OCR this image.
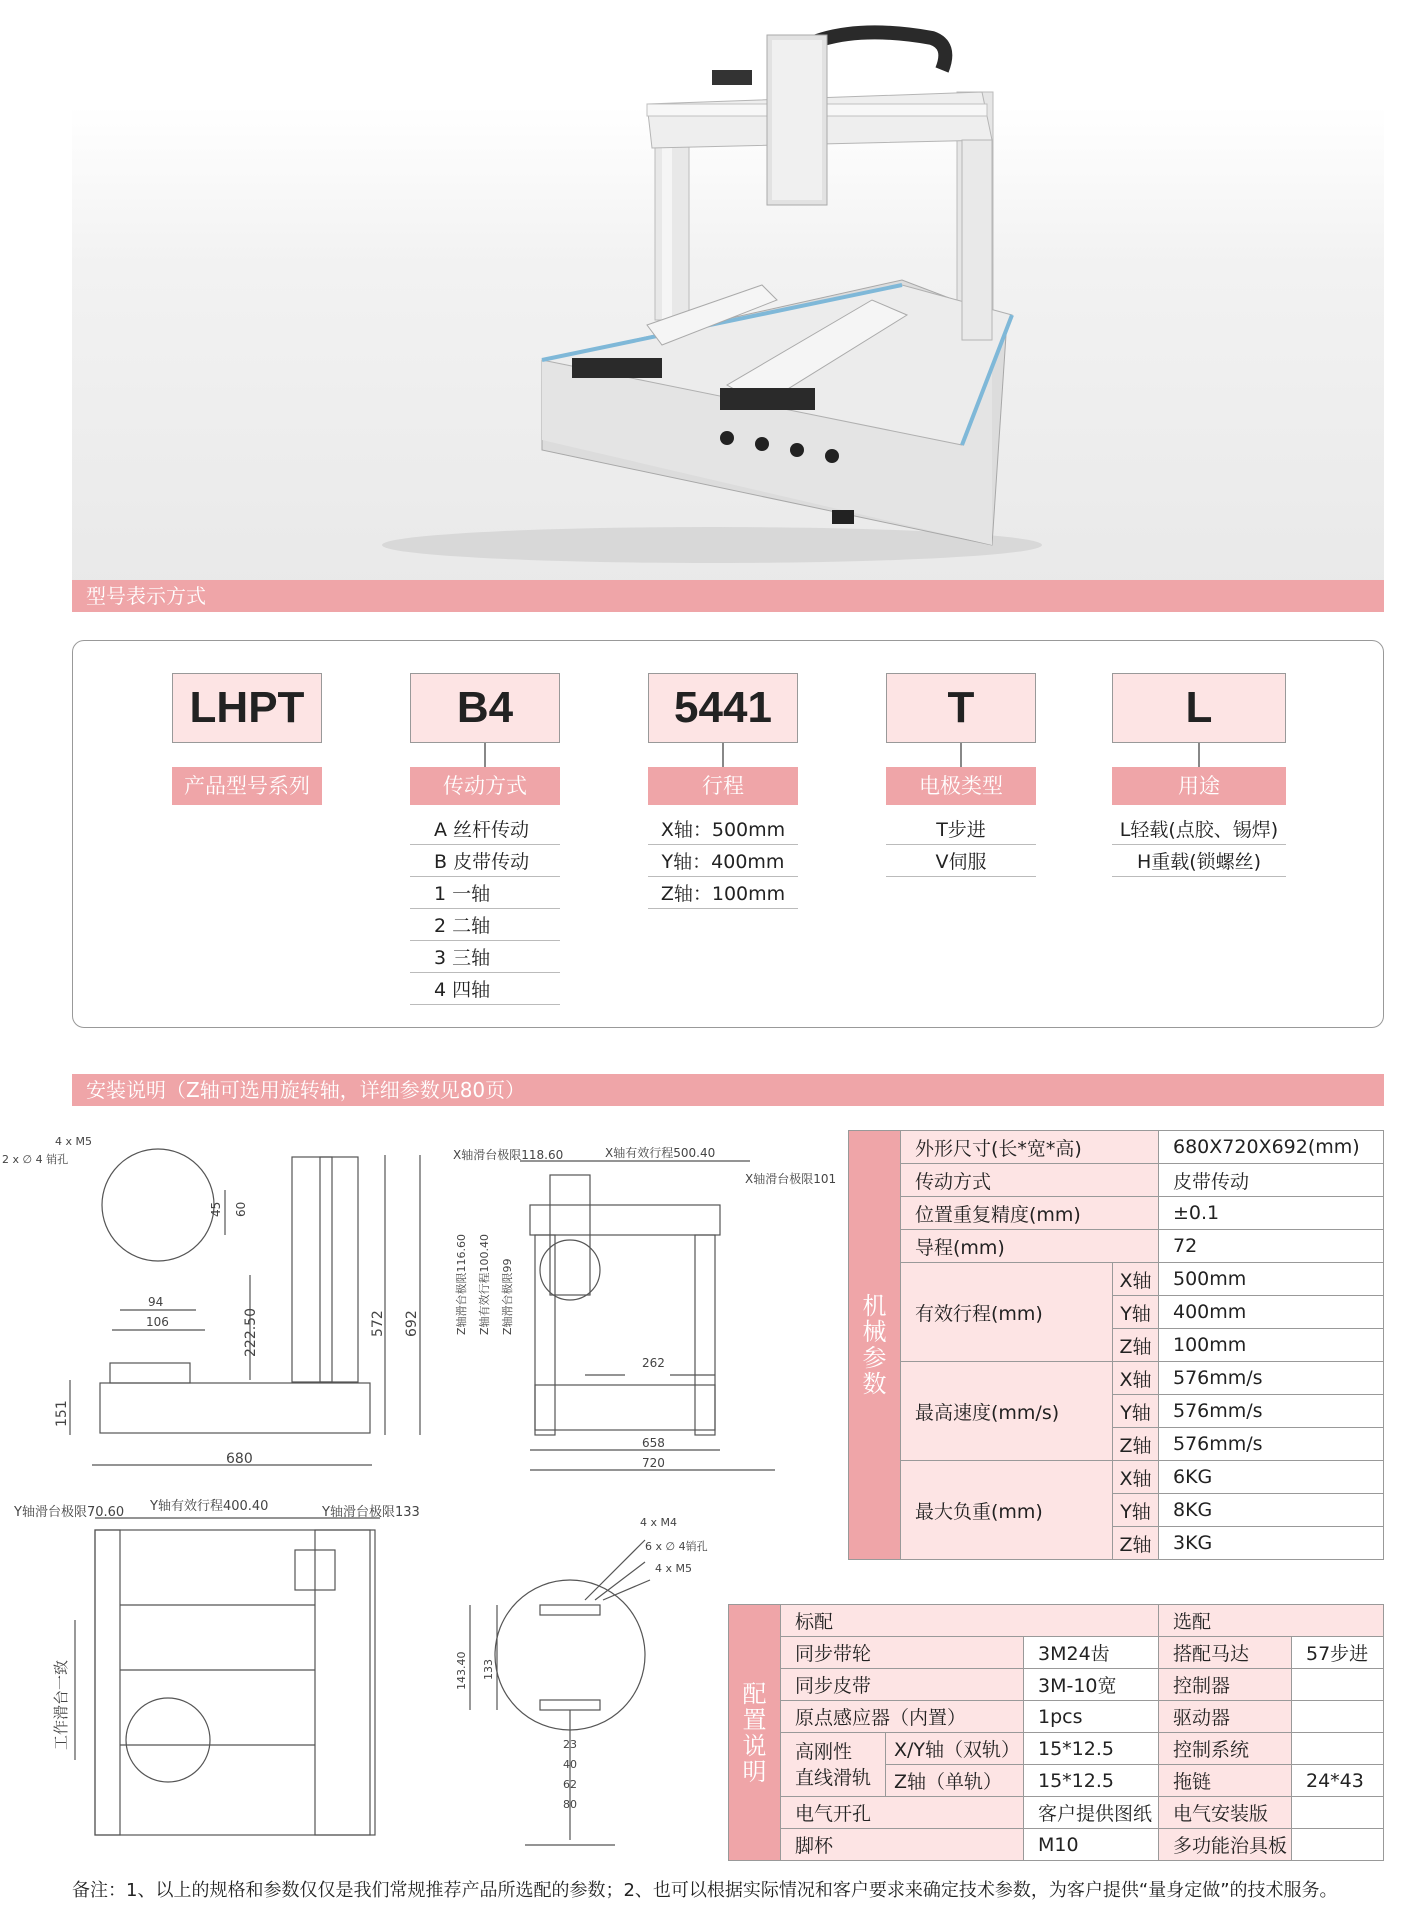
型号表示方式
LHPT
产品型号系列
B4
传动方式
A 丝杆传动
B 皮带传动
1 一轴
2 二轴
3 三轴
4 四轴
5441
行程
X轴：500mm
Y轴：400mm
Z轴：100mm
T
电极类型
T步进
V伺服
L
用途
L轻载(点胶、锡焊)
H重载(锁螺丝)
安装说明（Z轴可选用旋转轴，详细参数见80页）
4 x M5
2 x ∅ 4 销孔
45 60
94
106	222.50	572 692
151
680
X轴滑台极限118.60	X轴有效行程500.40
X轴滑台极限101
Z轴滑台极限116.60 Z轴有效行程100.40 Z轴滑台极限99
262
658
720
Y轴滑台极限70.60 Y轴有效行程400.40	Y轴滑台极限133
工作滑台一致
4 x M4
6 x ∅ 4销孔
4 x M5
143.40 133
23
40
62
80
机械参数	外形尺寸(长*宽*高)		680X720X692(mm)
	传动方式		皮带传动
	位置重复精度(mm)		±0.1
	导程(mm)		72
	有效行程(mm)	X轴	500mm
		Y轴	400mm
		Z轴	100mm
	最高速度(mm/s)	X轴	576mm/s
		Y轴	576mm/s
		Z轴	576mm/s
	最大负重(mm)	X轴	6KG
		Y轴	8KG
		Z轴	3KG
配置说明	标配			选配	
	同步带轮		3M24齿	搭配马达	57步进
	同步皮带		3M-10宽	控制器	
	原点感应器（内置）		1pcs	驱动器	

	高刚性
直线滑轨	X/Y轴（双轨）	15*12.5	控制系统	
		Z轴（单轨）	15*12.5	拖链	24*43
	电气开孔		客户提供图纸	电气安装版	
	脚杯		M10	多功能治具板	
备注：1、以上的规格和参数仅仅是我们常规推荐产品所选配的参数；2、也可以根据实际情况和客户要求来确定技术参数，为客户提供“量身定做”的技术服务。
